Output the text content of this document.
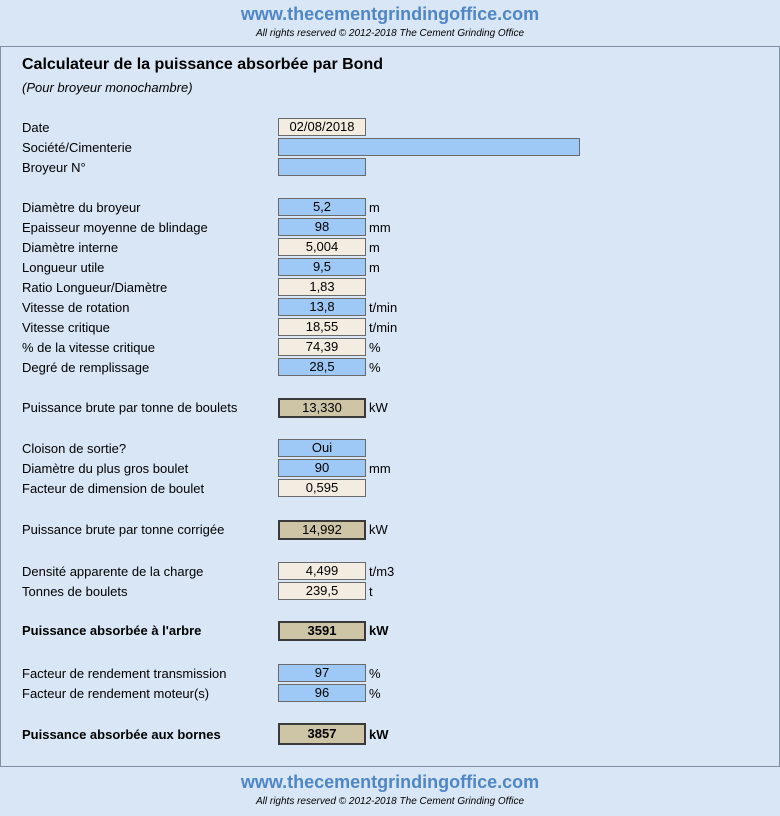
www.thecementgrindingoffice.com
All rights reserved © 2012-2018 The Cement Grinding Office
Calculateur de la puissance absorbée par Bond
(Pour broyeur monochambre)
Date	02/08/2018
Société/Cimenterie
Broyeur N°
Diamètre du broyeur	5,2	m
Epaisseur moyenne de blindage	98	mm
Diamètre interne	5,004	m
Longueur utile	9,5	m
Ratio Longueur/Diamètre	1,83
Vitesse de rotation	13,8	t/min
Vitesse critique	18,55	t/min
% de la vitesse critique	74,39	%
Degré de remplissage	28,5	%
Puissance brute par tonne de boulets	13,330	kW
Cloison de sortie?	Oui
Diamètre du plus gros boulet	90	mm
Facteur de dimension de boulet	0,595
Puissance brute par tonne corrigée	14,992	kW
Densité apparente de la charge	4,499	t/m3
Tonnes de boulets	239,5	t
Puissance absorbée à l'arbre	3591	kW
Facteur de rendement transmission	97	%
Facteur de rendement moteur(s)	96	%
Puissance absorbée aux bornes	3857	kW
www.thecementgrindingoffice.com
All rights reserved © 2012-2018 The Cement Grinding Office
